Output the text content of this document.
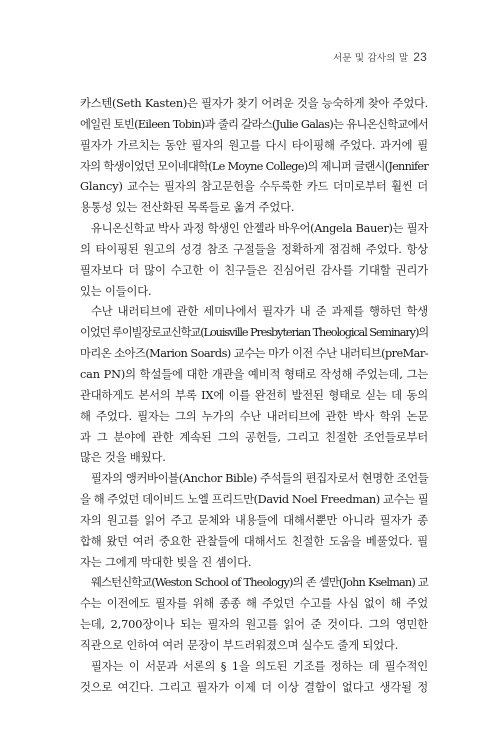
서문 및 감사의 말 23
카스텐(Seth Kasten)은 필자가 찾기 어려운 것을 능숙하게 찾아 주었다.
에일린 토빈(Eileen Tobin)과 줄리 갈라스(Julie Galas)는 유니온신학교에서
필자가 가르치는 동안 필자의 원고를 다시 타이핑해 주었다. 과거에 필
자의 학생이었던 모이네대학(Le Moyne College)의 제니퍼 글랜시(Jennifer
Glancy) 교수는 필자의 참고문헌을 수두룩한 카드 더미로부터 훨씬 더
용통성 있는 전산화된 목록들로 옮겨 주었다.
유니온신학교 박사 과정 학생인 안젤라 바우어(Angela Bauer)는 필자
의 타이핑된 원고의 성경 참조 구절들을 정확하게 점검해 주었다. 항상
필자보다 더 많이 수고한 이 친구들은 진심어린 감사를 기대할 권리가
있는 이들이다.
수난 내러티브에 관한 세미나에서 필자가 내 준 과제를 행하던 학생
이었던 루이빌장로교신학교(Louisville Presbyterian Theological Seminary)의
마리온 소아즈(Marion Soards) 교수는 마가 이전 수난 내러티브(preMar-
can PN)의 학설들에 대한 개관을 예비적 형태로 작성해 주었는데, 그는
관대하게도 본서의 부록 IX에 이를 완전히 발전된 형태로 싣는 데 동의
해 주었다. 필자는 그의 누가의 수난 내러티브에 관한 박사 학위 논문
과 그 분야에 관한 계속된 그의 공헌들, 그리고 친절한 조언들로부터
많은 것을 배웠다.
필자의 앵커바이블(Anchor Bible) 주석들의 편집자로서 현명한 조언들
을 해 주었던 데이비드 노엘 프리드만(David Noel Freedman) 교수는 필
자의 원고를 읽어 주고 문체와 내용들에 대해서뿐만 아니라 필자가 종
합해 왔던 여러 중요한 관찰들에 대해서도 친절한 도움을 베풀었다. 필
자는 그에게 막대한 빚을 진 셈이다.
웨스턴신학교(Weston School of Theology)의 존 셀만(John Kselman) 교
수는 이전에도 필자를 위해 종종 해 주었던 수고를 사심 없이 해 주었
는데, 2,700장이나 되는 필자의 원고를 읽어 준 것이다. 그의 영민한
직관으로 인하여 여러 문장이 부드러워졌으며 실수도 줄게 되었다.
필자는 이 서문과 서론의 § 1을 의도된 기조를 정하는 데 필수적인
것으로 여긴다. 그리고 필자가 이제 더 이상 결함이 없다고 생각될 정
